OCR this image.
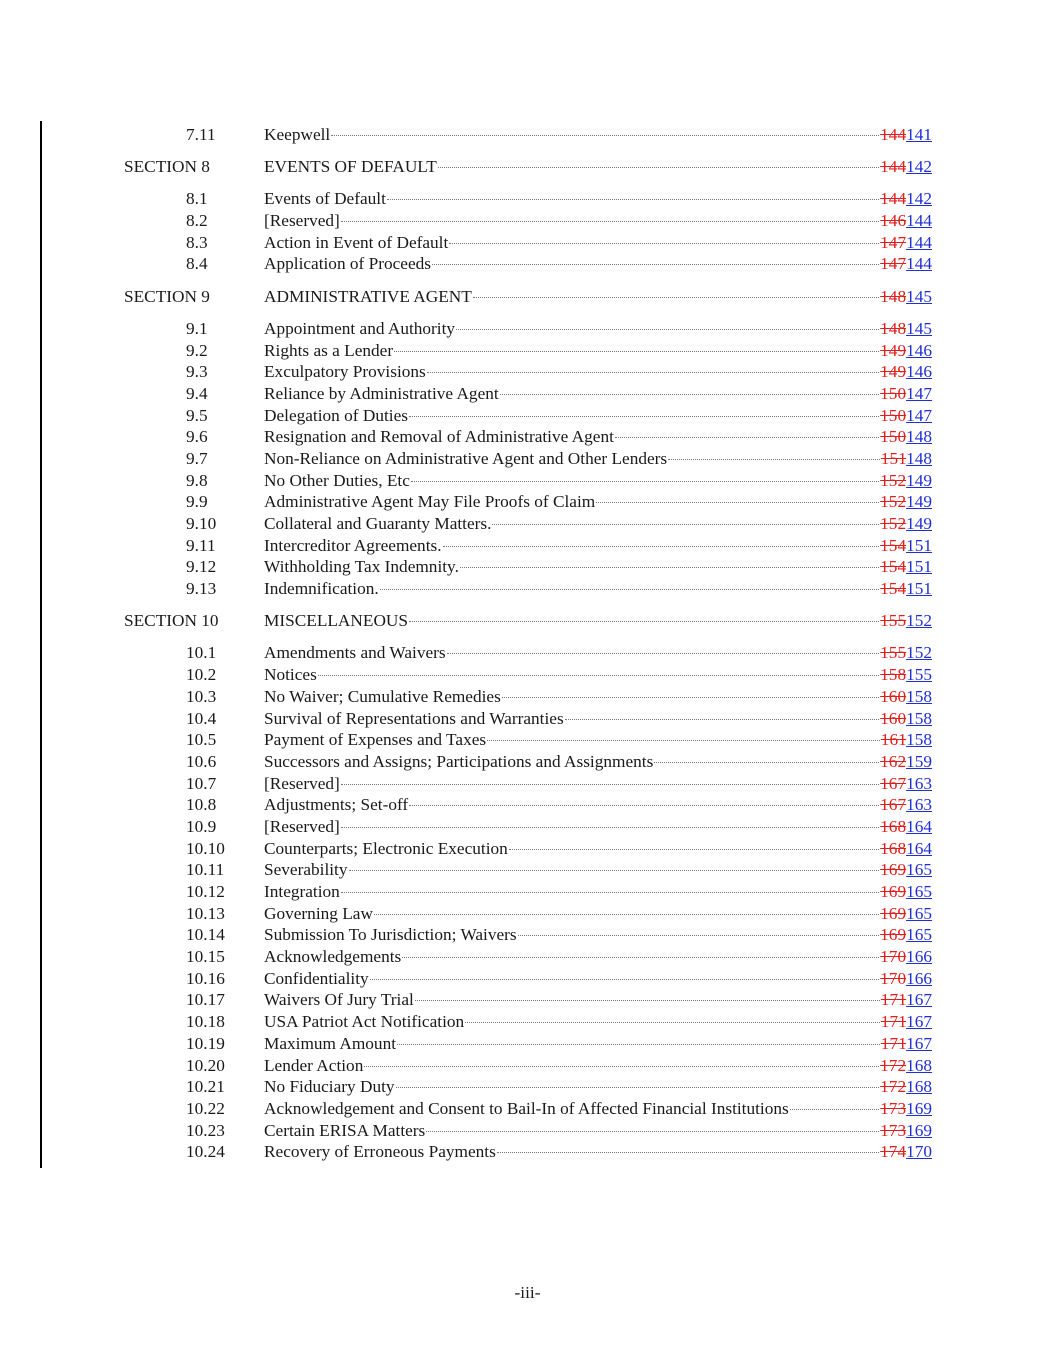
7.11	Keepwell	144141
SECTION 8	EVENTS OF DEFAULT	144142
8.1	Events of Default	144142
8.2	[Reserved]	146144
8.3	Action in Event of Default	147144
8.4	Application of Proceeds	147144
SECTION 9	ADMINISTRATIVE AGENT	148145
9.1	Appointment and Authority	148145
9.2	Rights as a Lender	149146
9.3	Exculpatory Provisions	149146
9.4	Reliance by Administrative Agent	150147
9.5	Delegation of Duties	150147
9.6	Resignation and Removal of Administrative Agent	150148
9.7	Non-Reliance on Administrative Agent and Other Lenders	151148
9.8	No Other Duties, Etc	152149
9.9	Administrative Agent May File Proofs of Claim	152149
9.10	Collateral and Guaranty Matters.	152149
9.11	Intercreditor Agreements.	154151
9.12	Withholding Tax Indemnity.	154151
9.13	Indemnification.	154151
SECTION 10	MISCELLANEOUS	155152
10.1	Amendments and Waivers	155152
10.2	Notices	158155
10.3	No Waiver; Cumulative Remedies	160158
10.4	Survival of Representations and Warranties	160158
10.5	Payment of Expenses and Taxes	161158
10.6	Successors and Assigns; Participations and Assignments	162159
10.7	[Reserved]	167163
10.8	Adjustments; Set-off	167163
10.9	[Reserved]	168164
10.10	Counterparts; Electronic Execution	168164
10.11	Severability	169165
10.12	Integration	169165
10.13	Governing Law	169165
10.14	Submission To Jurisdiction; Waivers	169165
10.15	Acknowledgements	170166
10.16	Confidentiality	170166
10.17	Waivers Of Jury Trial	171167
10.18	USA Patriot Act Notification	171167
10.19	Maximum Amount	171167
10.20	Lender Action	172168
10.21	No Fiduciary Duty	172168
10.22	Acknowledgement and Consent to Bail-In of Affected Financial Institutions	173169
10.23	Certain ERISA Matters	173169
10.24	Recovery of Erroneous Payments	174170
-iii-
